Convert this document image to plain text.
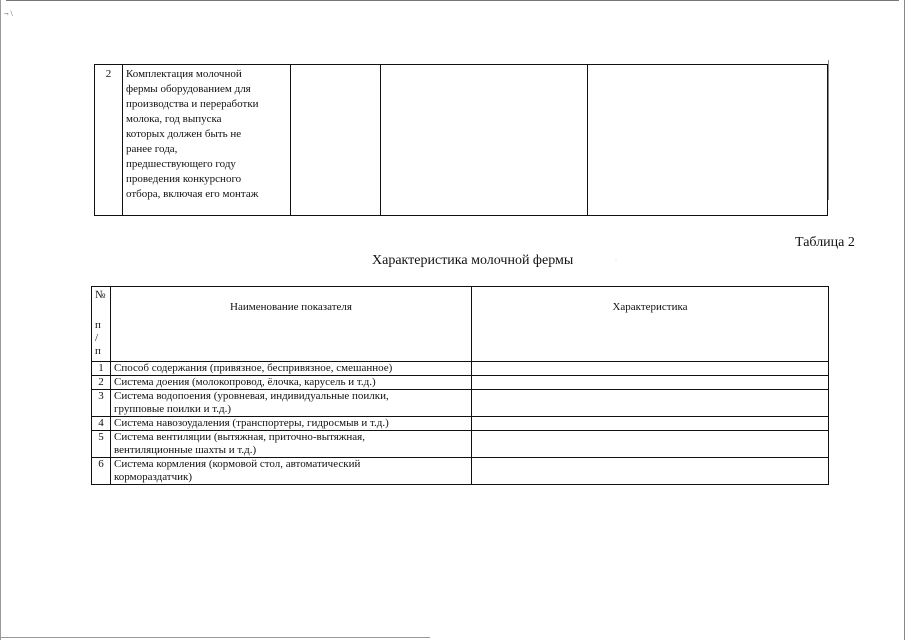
¬ \
2	Комплектация молочной
фермы оборудованием для
производства и переработки
молока, год выпуска
которых должен быть не
ранее года,
предшествующего году
проведения конкурсного
отбора, включая его монтаж

Таблица 2
Характеристика молочной фермы	·
№
п
/
п	Наименование показателя	Характеристика
1	Способ содержания (привязное, беспривязное, смешанное)	

2	Система доения (молокопровод, ёлочка, карусель и т.д.)	

3	Система водопоения (уровневая, индивидуальные поилки,
групповые поилки и т.д.)	

4	Система навозоудаления (транспортеры, гидросмыв и т.д.)	

5	Система вентиляции (вытяжная, приточно-вытяжная,
вентиляционные шахты и т.д.)	

6	Система кормления (кормовой стол, автоматический
кормораздатчик)	
